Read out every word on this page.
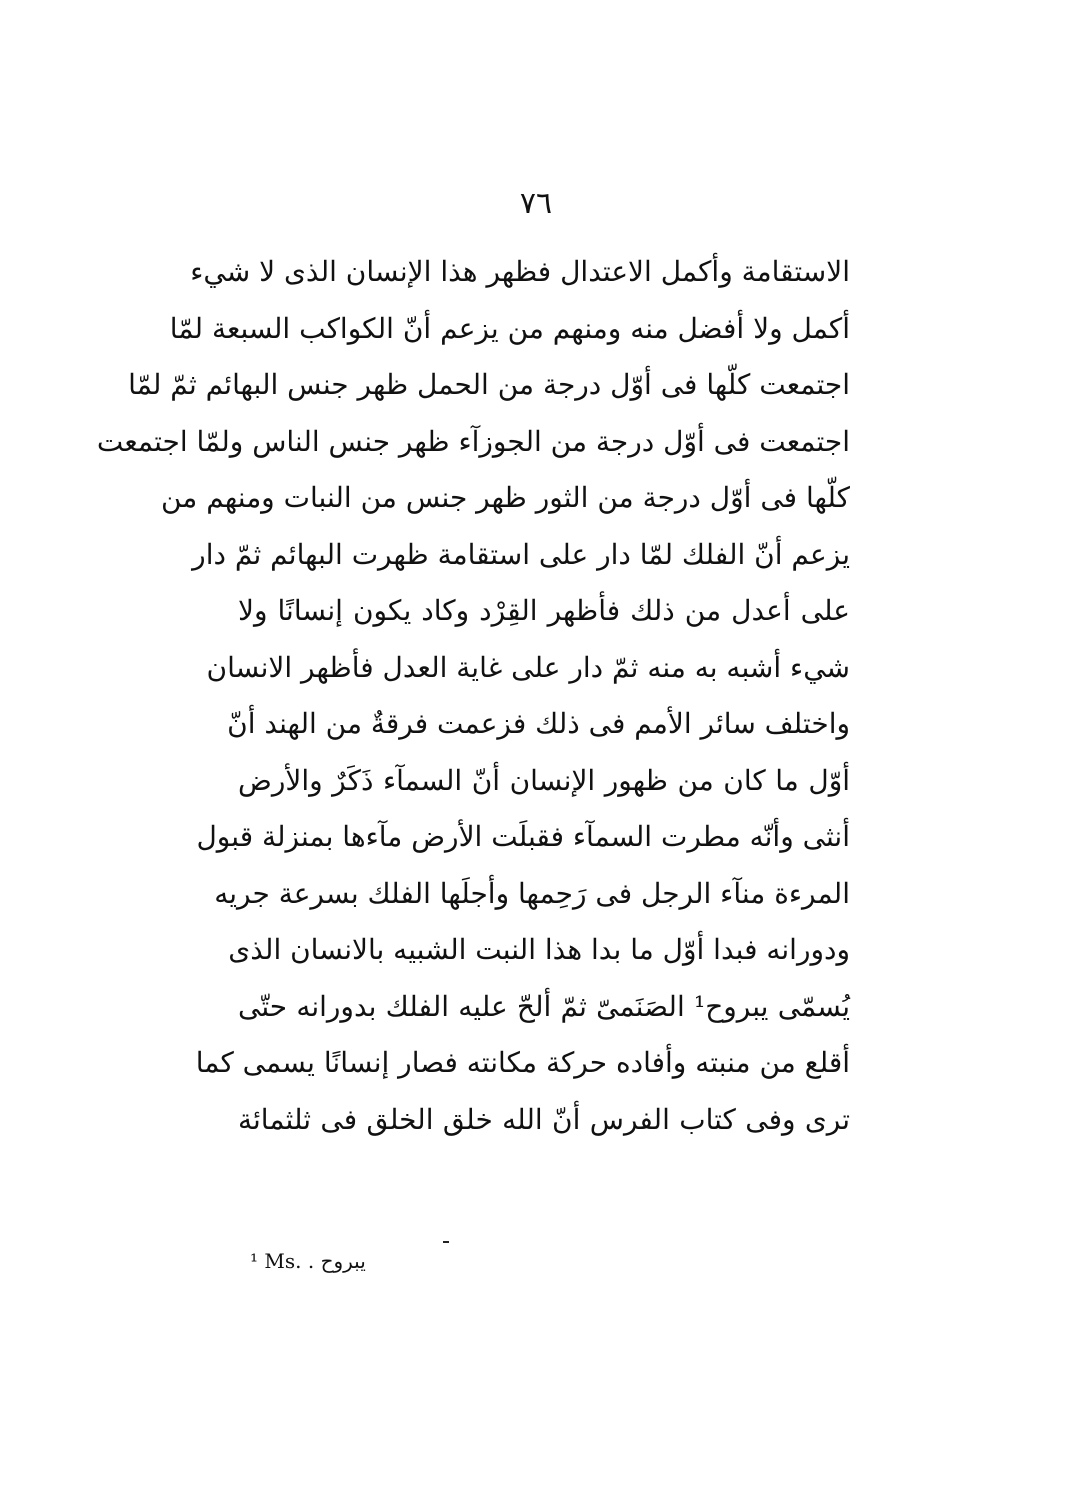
٧٦
الاستقامة وأكمل الاعتدال فظهر هذا الإنسان الذى لا شيء
أكمل ولا أفضل منه ومنهم من يزعم أنّ الكواكب السبعة لمّا
اجتمعت كلّها فى أوّل درجة من الحمل ظهر جنس البهائم ثمّ لمّا
اجتمعت فى أوّل درجة من الجوزآء ظهر جنس الناس ولمّا اجتمعت
كلّها فى أوّل درجة من الثور ظهر جنس من النبات ومنهم من
يزعم أنّ الفلك لمّا دار على استقامة ظهرت البهائم ثمّ دار
على أعدل من ذلك فأظهر القِرْد وكاد يكون إنسانًا ولا
شيء أشبه به منه ثمّ دار على غاية العدل فأظهر الانسان
واختلف سائر الأمم فى ذلك فزعمت فرقةٌ من الهند أنّ
أوّل ما كان من ظهور الإنسان أنّ السمآء ذَكَرٌ والأرض
أنثى وأنّه مطرت السمآء فقبلَت الأرض مآءها بمنزلة قبول
المرءة منآء الرجل فى رَحِمها وأجلَها الفلك بسرعة جريه
ودورانه فبدا أوّل ما بدا هذا النبت الشبيه بالانسان الذى
يُسمّى يبروح¹ الصَنَمىّ ثمّ ألحّ عليه الفلك بدورانه حتّى
أقلع من منبته وأفاده حركة مكانته فصار إنسانًا يسمى كما
ترى وفى كتاب الفرس أنّ الله خلق الخلق فى ثلثمائة
¹ Ms. يبروح .
